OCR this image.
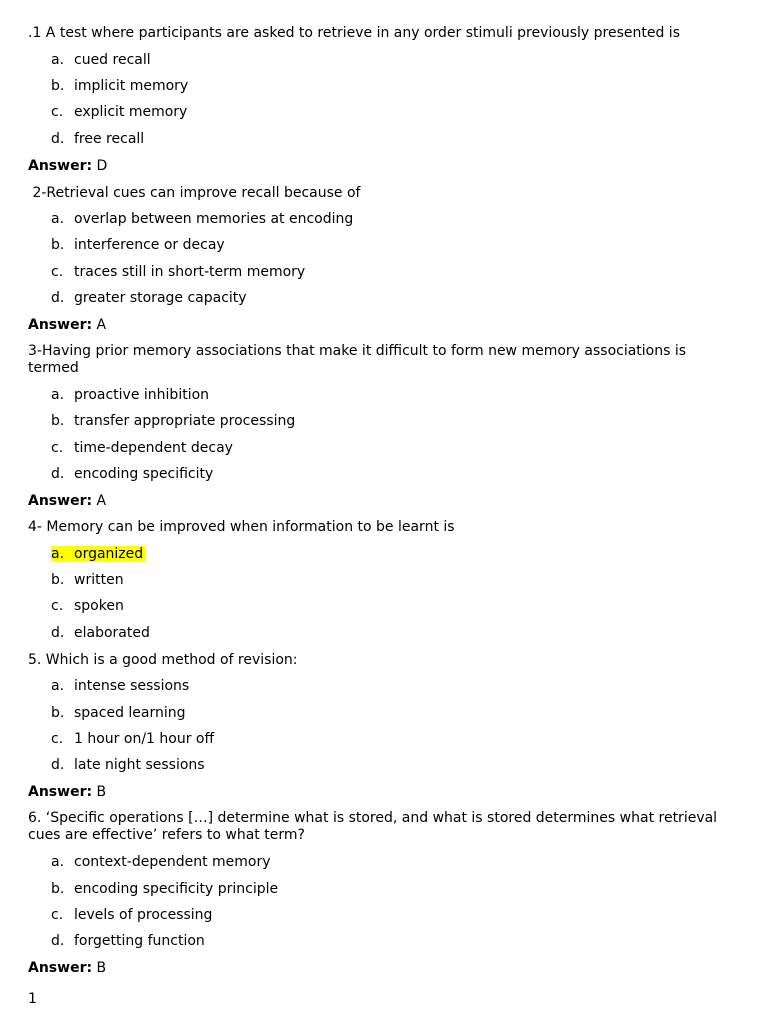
.1 A test where participants are asked to retrieve in any order stimuli previously presented is
a. cued recall
b. implicit memory
c. explicit memory
d. free recall
Answer: D
2-Retrieval cues can improve recall because of
a. overlap between memories at encoding
b. interference or decay
c. traces still in short-term memory
d. greater storage capacity
Answer: A
3-Having prior memory associations that make it difficult to form new memory associations is termed
a. proactive inhibition
b. transfer appropriate processing
c. time-dependent decay
d. encoding specificity
Answer: A
4- Memory can be improved when information to be learnt is
a. organized
b. written
c. spoken
d. elaborated
5. Which is a good method of revision:
a. intense sessions
b. spaced learning
c. 1 hour on/1 hour off
d. late night sessions
Answer: B
6. ‘Specific operations […] determine what is stored, and what is stored determines what retrieval cues are effective’ refers to what term?
a. context-dependent memory
b. encoding specificity principle
c. levels of processing
d. forgetting function
Answer: B
1
